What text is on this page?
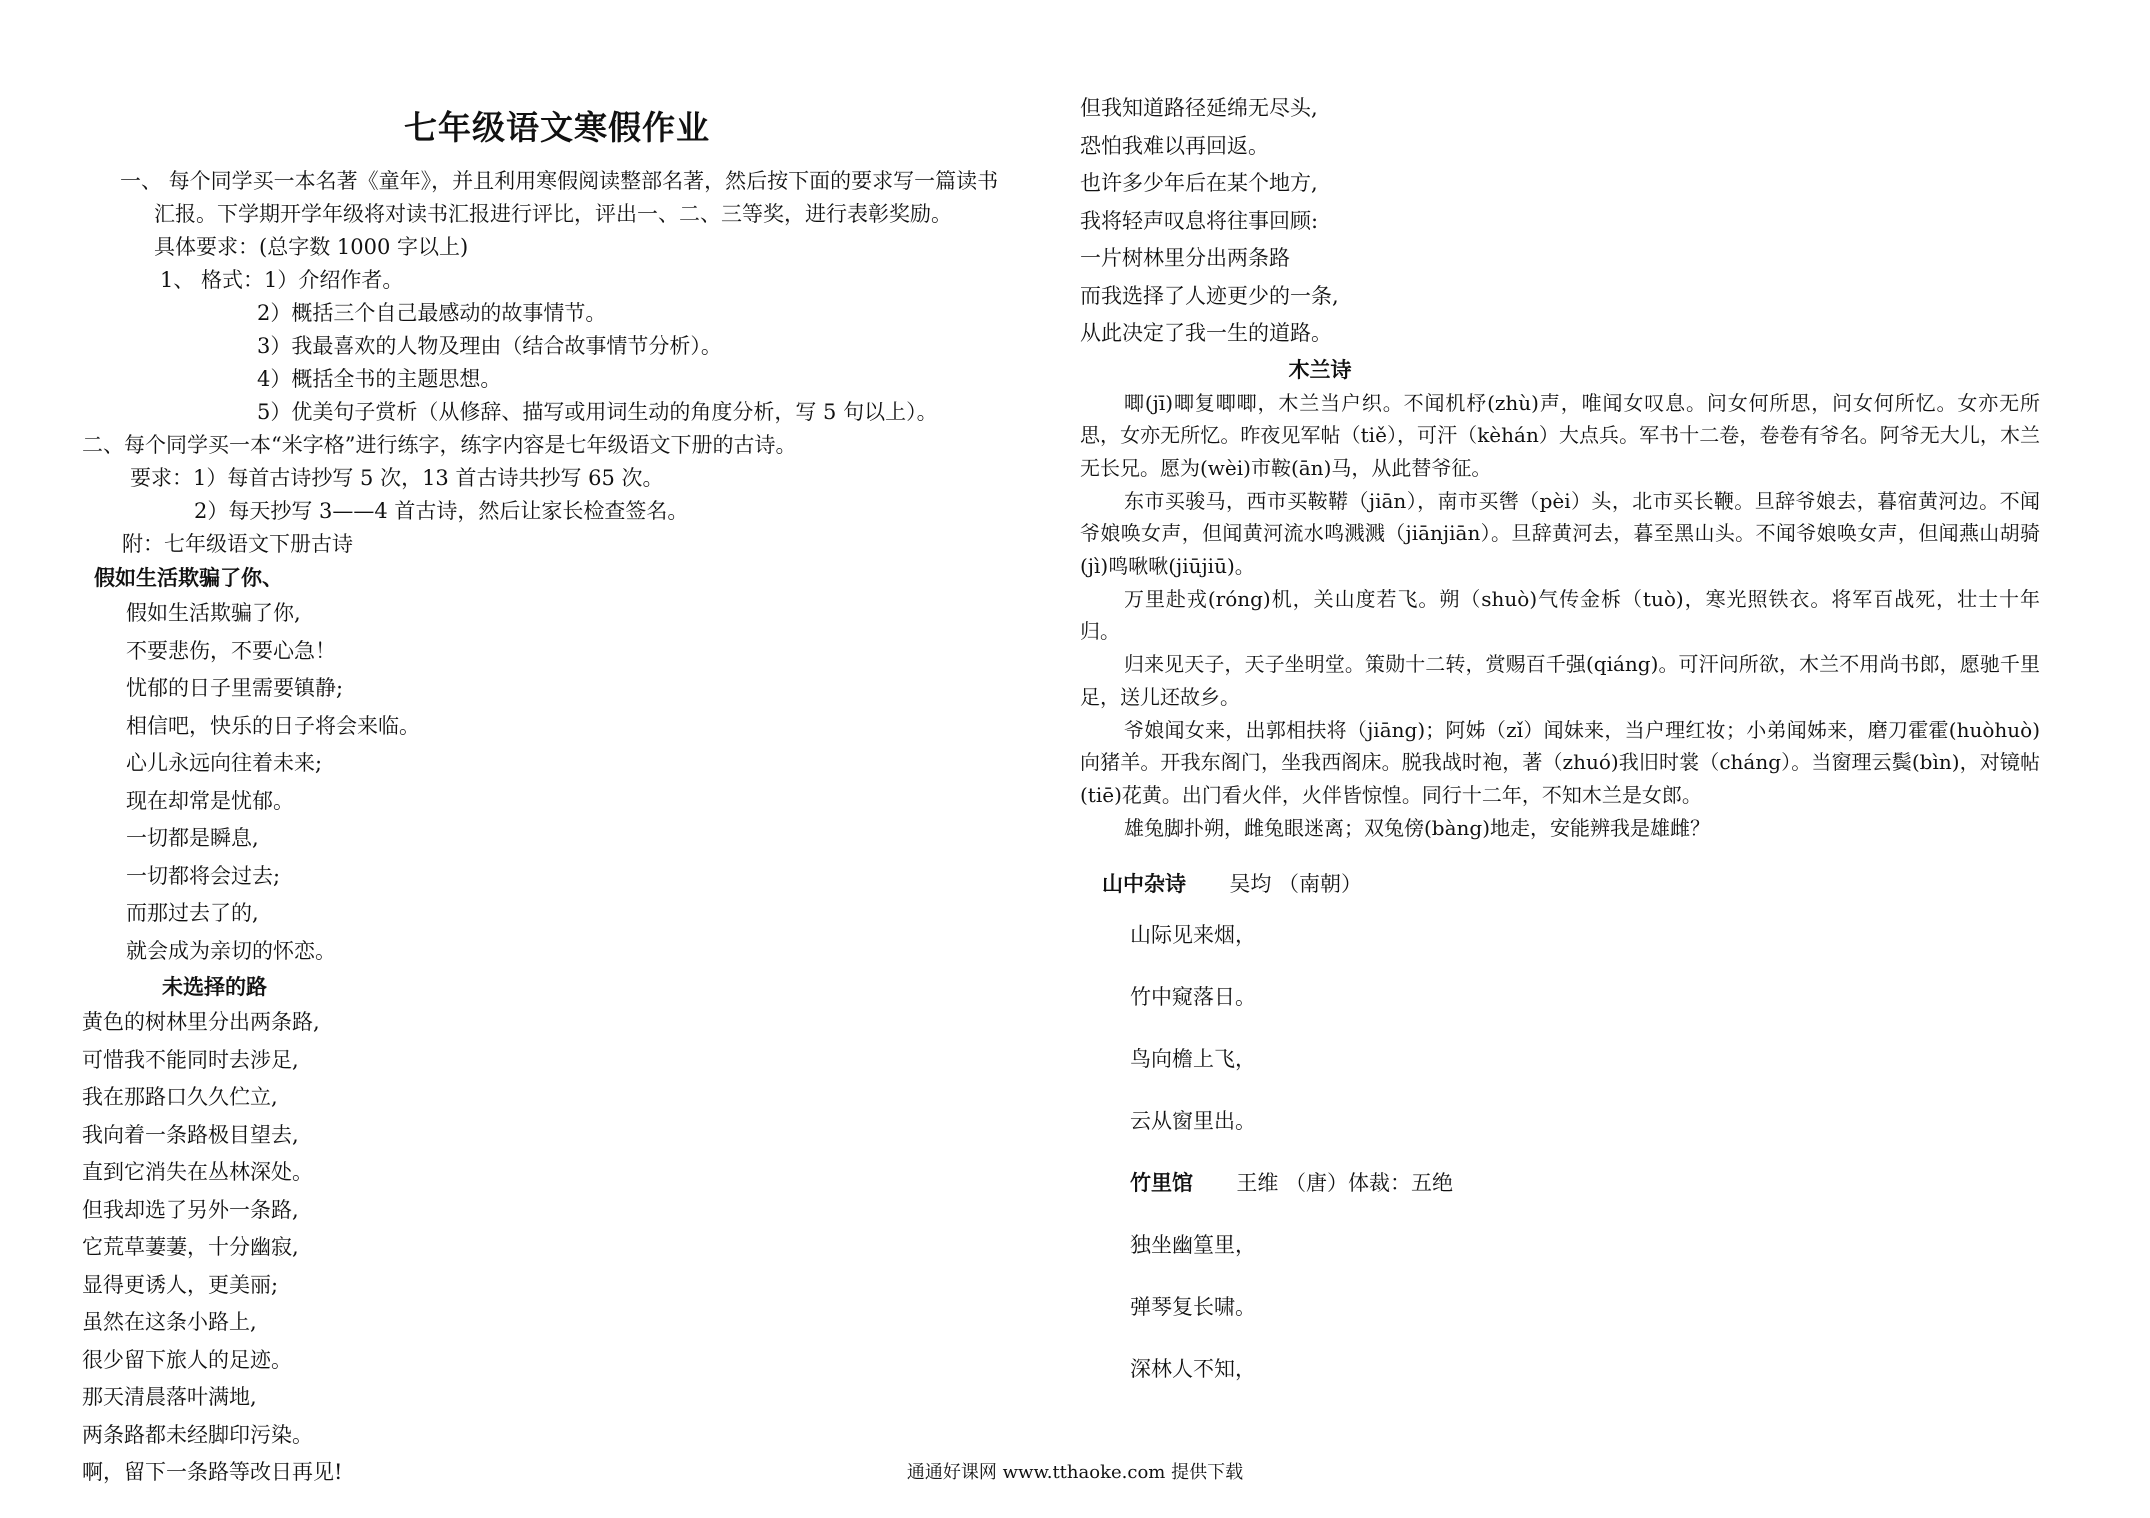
七年级语文寒假作业
一、 每个同学买一本名著《童年》，并且利用寒假阅读整部名著，然后按下面的要求写一篇读书
汇报。下学期开学年级将对读书汇报进行评比，评出一、二、三等奖，进行表彰奖励。
具体要求：(总字数 1000 字以上)
1、 格式：1）介绍作者。
2）概括三个自己最感动的故事情节。
3）我最喜欢的人物及理由（结合故事情节分析）。
4）概括全书的主题思想。
5）优美句子赏析（从修辞、描写或用词生动的角度分析，写 5 句以上）。
二、每个同学买一本“米字格”进行练字，练字内容是七年级语文下册的古诗。
要求：1）每首古诗抄写 5 次，13 首古诗共抄写 65 次。
2）每天抄写 3——4 首古诗，然后让家长检查签名。
附：七年级语文下册古诗
假如生活欺骗了你、
假如生活欺骗了你,
不要悲伤，不要心急！
忧郁的日子里需要镇静;
相信吧，快乐的日子将会来临。
心儿永远向往着未来;
现在却常是忧郁。
一切都是瞬息,
一切都将会过去;
而那过去了的,
就会成为亲切的怀恋。
未选择的路
黄色的树林里分出两条路,
可惜我不能同时去涉足,
我在那路口久久伫立,
我向着一条路极目望去,
直到它消失在丛林深处。
但我却选了另外一条路,
它荒草萋萋，十分幽寂,
显得更诱人，更美丽;
虽然在这条小路上,
很少留下旅人的足迹。
那天清晨落叶满地,
两条路都未经脚印污染。
啊，留下一条路等改日再见!
但我知道路径延绵无尽头,
恐怕我难以再回返。
也许多少年后在某个地方,
我将轻声叹息将往事回顾:
一片树林里分出两条路
而我选择了人迹更少的一条,
从此决定了我一生的道路。
木兰诗
唧(jī)唧复唧唧，木兰当户织。不闻机杼(zhù)声，唯闻女叹息。问女何所思，问女何所忆。女亦无所思，女亦无所忆。昨夜见军帖（tiě），可汗（kèhán）大点兵。军书十二卷，卷卷有爷名。阿爷无大儿，木兰无长兄。愿为(wèi)市鞍(ān)马，从此替爷征。
东市买骏马，西市买鞍鞯（jiān），南市买辔（pèi）头，北市买长鞭。旦辞爷娘去，暮宿黄河边。不闻爷娘唤女声，但闻黄河流水鸣溅溅（jiānjiān）。旦辞黄河去，暮至黑山头。不闻爷娘唤女声，但闻燕山胡骑(jì)鸣啾啾(jiūjiū)。
万里赴戎(róng)机，关山度若飞。朔（shuò)气传金柝（tuò)，寒光照铁衣。将军百战死，壮士十年归。
归来见天子，天子坐明堂。策勋十二转，赏赐百千强(qiáng)。可汗问所欲，木兰不用尚书郎，愿驰千里足，送儿还故乡。
爷娘闻女来，出郭相扶将（jiāng)；阿姊（zǐ）闻妹来，当户理红妆；小弟闻姊来，磨刀霍霍(huòhuò)向猪羊。开我东阁门，坐我西阁床。脱我战时袍，著（zhuó)我旧时裳（cháng）。当窗理云鬓(bìn)，对镜帖(tiē)花黄。出门看火伴，火伴皆惊惶。同行十二年，不知木兰是女郎。
雄兔脚扑朔，雌兔眼迷离；双兔傍(bàng)地走，安能辨我是雄雌？
山中杂诗 吴均 （南朝）
山际见来烟，
竹中窥落日。
鸟向檐上飞，
云从窗里出。
竹里馆 王维 （唐）体裁：五绝
独坐幽篁里，
弹琴复长啸。
深林人不知，
通通好课网 www.tthaoke.com 提供下载
